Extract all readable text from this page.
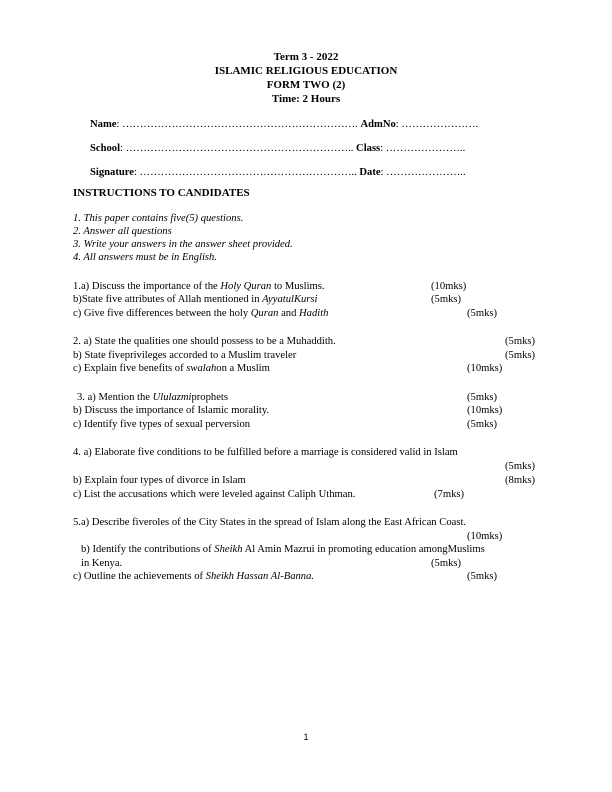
Term 3 - 2022
ISLAMIC RELIGIOUS EDUCATION
FORM TWO (2)
Time: 2 Hours
Name: …………………………………………………………. AdmNo: ………………….
School: ……………………………………………………….. Class: …………………..
Signature: …………………………………………………….. Date: …………………..
INSTRUCTIONS TO CANDIDATES
1. This paper contains five(5) questions.
2. Answer all questions
3. Write your answers in the answer sheet provided.
4. All answers must be in English.
1.a) Discuss the importance of the Holy Quran to Muslims.	(10mks)
b)State five attributes of Allah mentioned in AyyatulKursi	(5mks)
c) Give five differences between the holy Quran and Hadith	(5mks)
2. a) State the qualities one should possess to be a Muhaddith.	(5mks)
b) State fiveprivileges accorded to a Muslim traveler	(5mks)
c) Explain five benefits of swalahon a Muslim	(10mks)
3. a) Mention the Ululazmiprophets	(5mks)
b) Discuss the importance of Islamic morality.	(10mks)
c) Identify five types of sexual perversion	(5mks)
4. a) Elaborate five conditions to be fulfilled before a marriage is considered valid in Islam
(5mks)
b) Explain four types of divorce in Islam	(8mks)
c) List the accusations which were leveled against Caliph Uthman.	(7mks)
5.a) Describe fiveroles of the City States in the spread of Islam along the East African Coast.
(10mks)
b) Identify the contributions of Sheikh Al Amin Mazrui in promoting education amongMuslims
in Kenya.	(5mks)
c) Outline the achievements of Sheikh Hassan Al-Banna.	(5mks)
1
